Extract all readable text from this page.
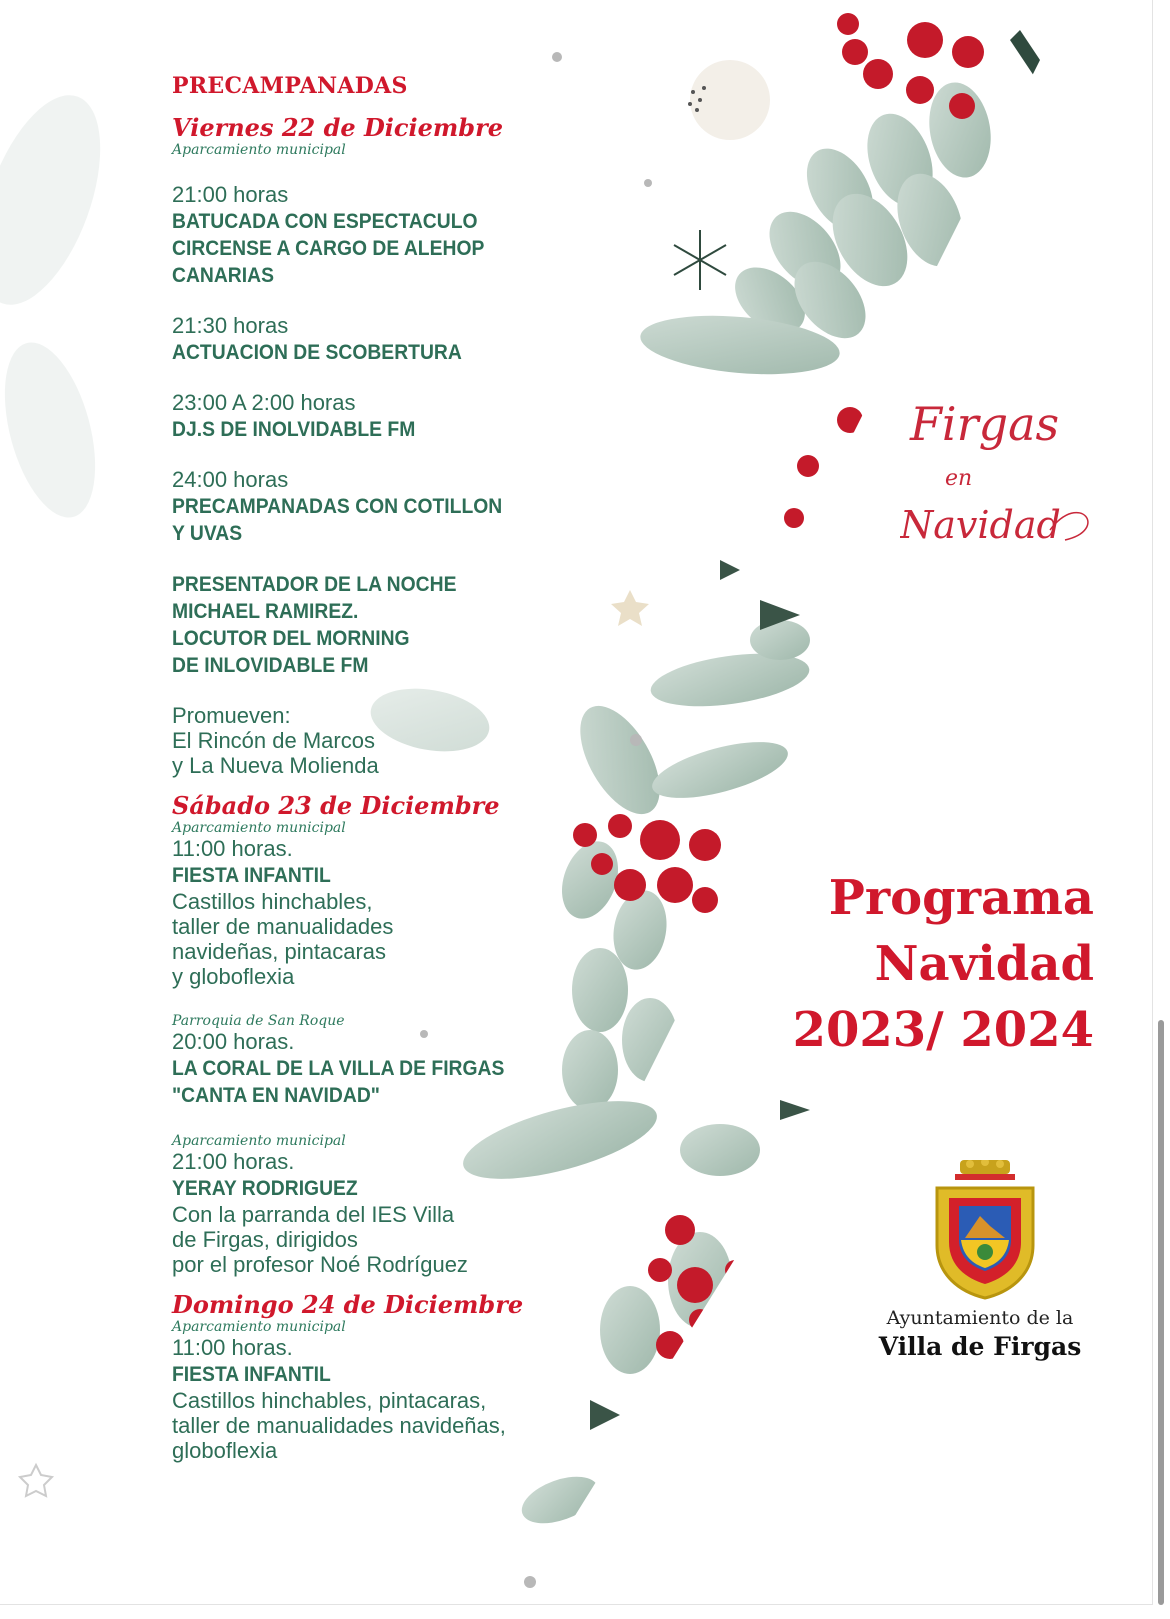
PRECAMPANADAS
Viernes 22 de Diciembre
Aparcamiento municipal
21:00 horas
BATUCADA CON ESPECTACULO
CIRCENSE A CARGO DE ALEHOP
CANARIAS
21:30 horas
ACTUACION DE SCOBERTURA
23:00 A 2:00 horas
DJ.S DE INOLVIDABLE FM
24:00 horas
PRECAMPANADAS CON COTILLON
Y UVAS
PRESENTADOR DE LA NOCHE
MICHAEL RAMIREZ.
LOCUTOR DEL MORNING
DE INLOVIDABLE FM
Promueven:
El Rincón de Marcos
y La Nueva Molienda
Sábado 23 de Diciembre
Aparcamiento municipal
11:00 horas.
FIESTA INFANTIL
Castillos hinchables,
taller de manualidades
navideñas, pintacaras
y globoflexia
Parroquia de San Roque
20:00 horas.
LA CORAL DE LA VILLA DE FIRGAS
"CANTA EN NAVIDAD"
Aparcamiento municipal
21:00 horas.
YERAY RODRIGUEZ
Con la parranda del IES Villa
de Firgas, dirigidos
por el profesor Noé Rodríguez
Domingo 24 de Diciembre
Aparcamiento municipal
11:00 horas.
FIESTA INFANTIL
Castillos hinchables, pintacaras,
taller de manualidades navideñas,
globoflexia
Firgas
en
Navidad
Programa
Navidad
2023/ 2024
Ayuntamiento de la
Villa de Firgas
